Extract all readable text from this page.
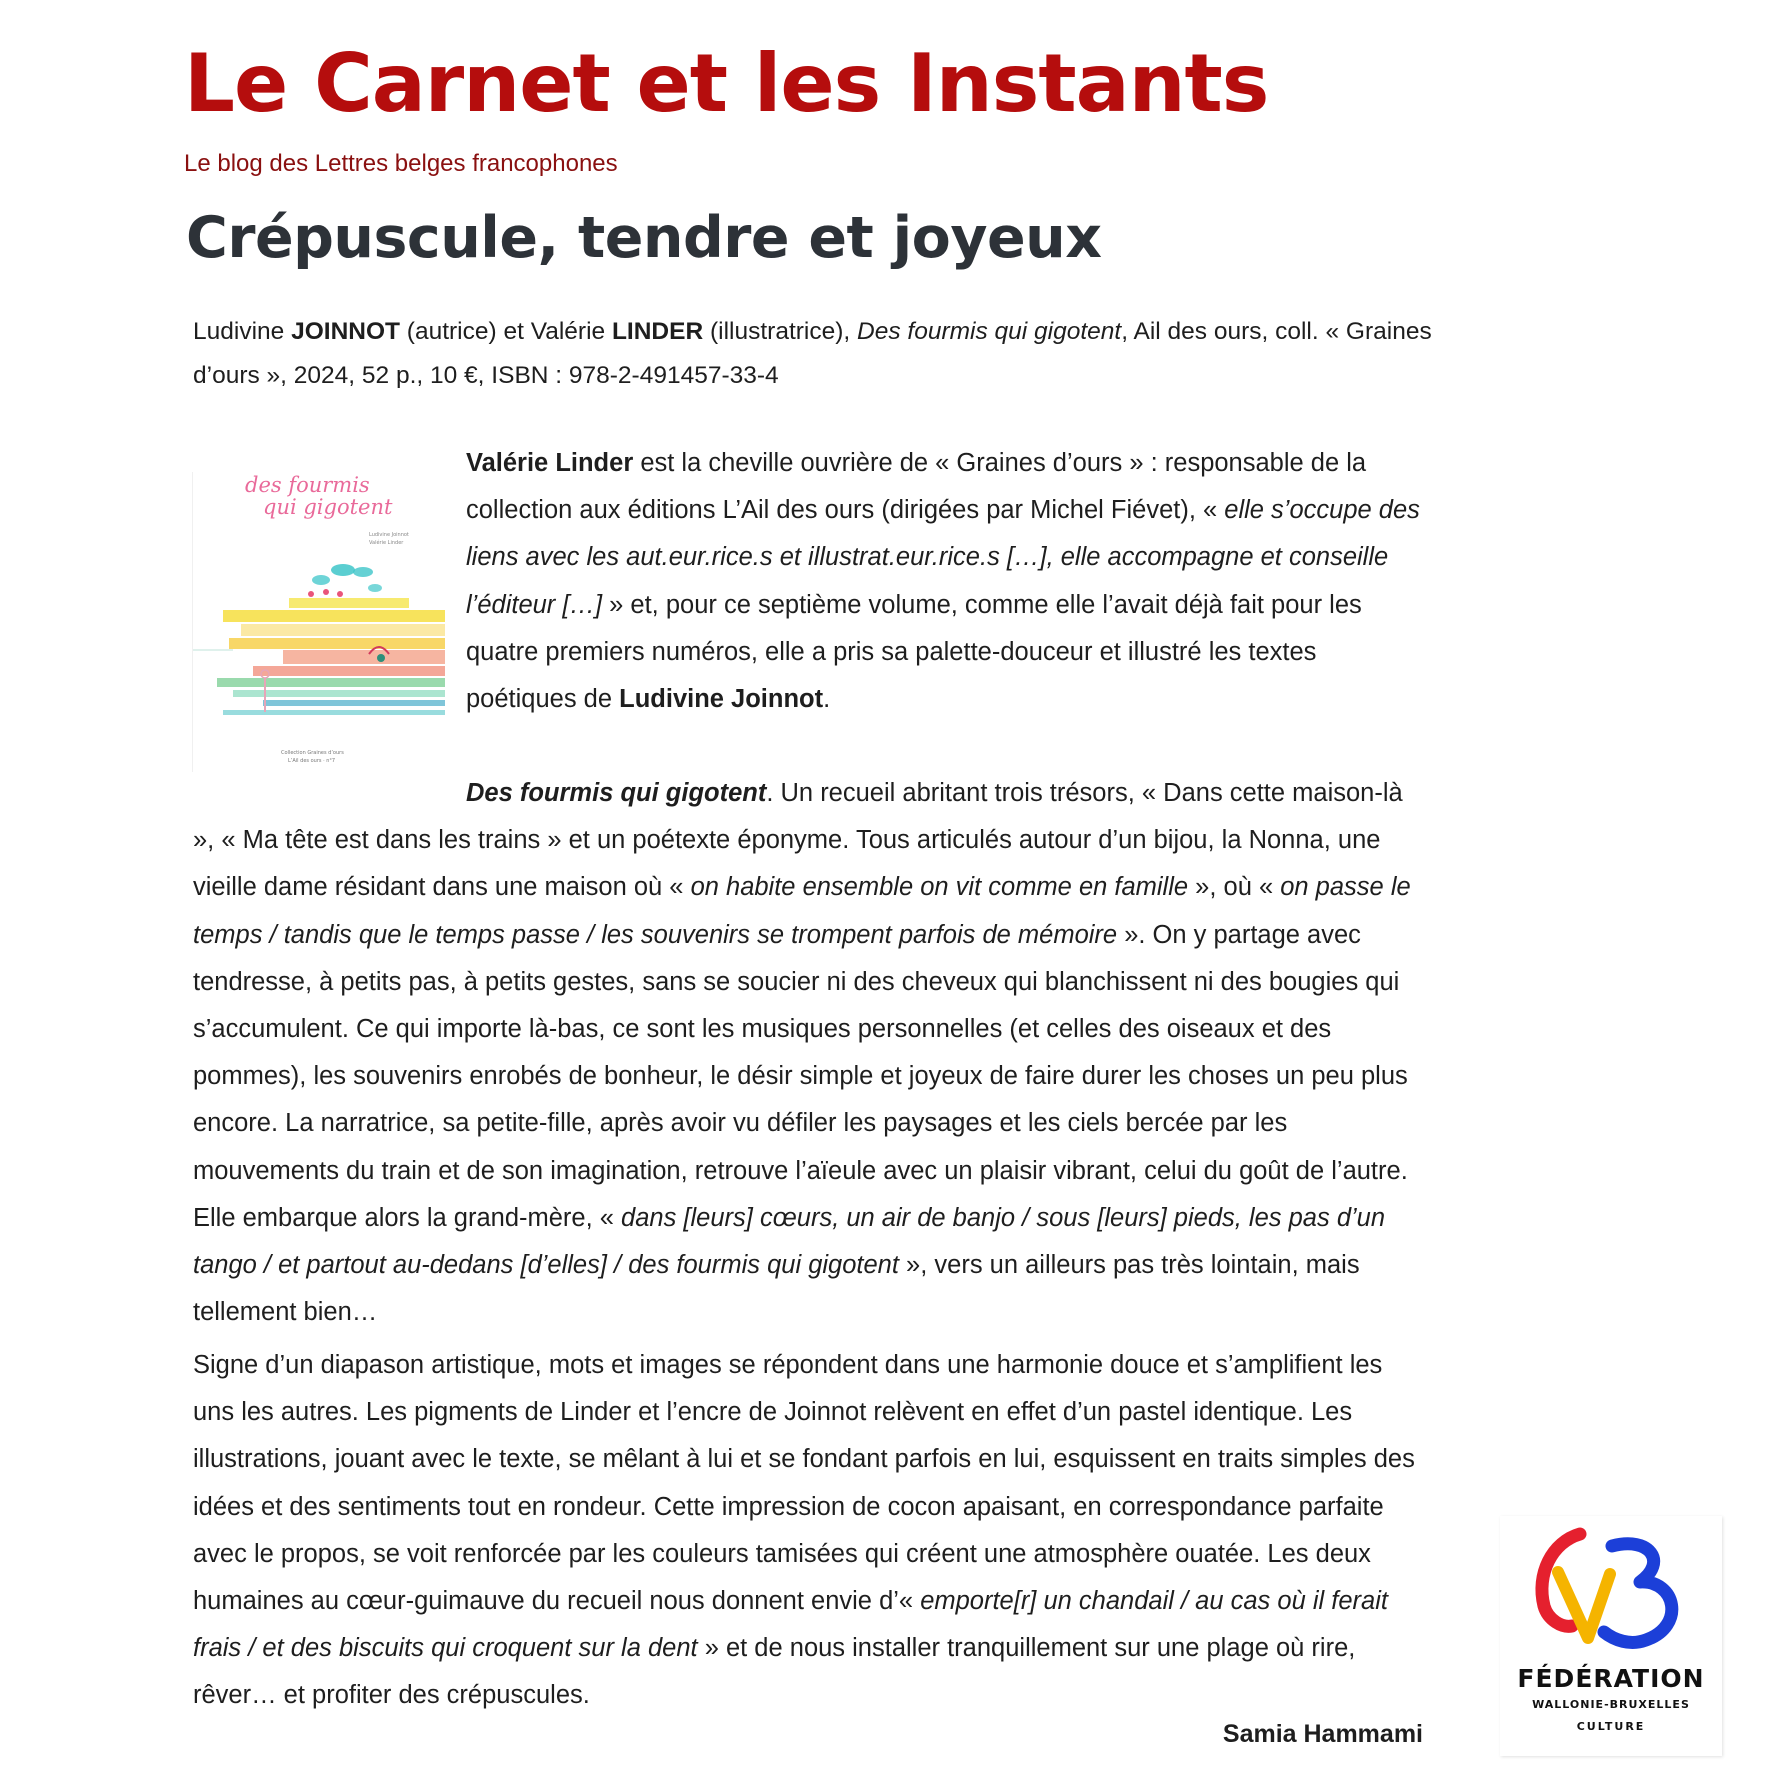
Le Carnet et les Instants
Le blog des Lettres belges francophones
Crépuscule, tendre et joyeux

Ludivine JOINNOT (autrice) et Valérie LINDER (illustratrice), Des fourmis qui gigotent, Ail des ours, coll. « Graines d’ours », 2024, 52 p., 10 €, ISBN : 978-2-491457-33-4

des fourmis
qui gigotent
Ludivine Joinnot
Valérie Linder
Collection Graines d’ours
L’Ail des ours · n°7

Valérie Linder est la cheville ouvrière de « Graines d’ours » : responsable de la collection aux éditions L’Ail des ours (dirigées par Michel Fiévet), « elle s’occupe des liens avec les aut.eur.rice.s et illustrat.eur.rice.s […], elle accompagne et conseille l’éditeur […] » et, pour ce septième volume, comme elle l’avait déjà fait pour les quatre premiers numéros, elle a pris sa palette-douceur et illustré les textes poétiques de Ludivine Joinnot.

Des fourmis qui gigotent. Un recueil abritant trois trésors, « Dans cette maison-là », « Ma tête est dans les trains » et un poétexte éponyme. Tous articulés autour d’un bijou, la Nonna, une vieille dame résidant dans une maison où « on habite ensemble on vit comme en famille », où « on passe le temps / tandis que le temps passe / les souvenirs se trompent parfois de mémoire ». On y partage avec tendresse, à petits pas, à petits gestes, sans se soucier ni des cheveux qui blanchissent ni des bougies qui s’accumulent. Ce qui importe là-bas, ce sont les musiques personnelles (et celles des oiseaux et des pommes), les souvenirs enrobés de bonheur, le désir simple et joyeux de faire durer les choses un peu plus encore. La narratrice, sa petite-fille, après avoir vu défiler les paysages et les ciels bercée par les mouvements du train et de son imagination, retrouve l’aïeule avec un plaisir vibrant, celui du goût de l’autre. Elle embarque alors la grand-mère, « dans [leurs] cœurs, un air de banjo / sous [leurs] pieds, les pas d’un tango / et partout au-dedans [d’elles] / des fourmis qui gigotent », vers un ailleurs pas très lointain, mais tellement bien…

Signe d’un diapason artistique, mots et images se répondent dans une harmonie douce et s’amplifient les uns les autres. Les pigments de Linder et l’encre de Joinnot relèvent en effet d’un pastel identique. Les illustrations, jouant avec le texte, se mêlant à lui et se fondant parfois en lui, esquissent en traits simples des idées et des sentiments tout en rondeur. Cette impression de cocon apaisant, en correspondance parfaite avec le propos, se voit renforcée par les couleurs tamisées qui créent une atmosphère ouatée. Les deux humaines au cœur-guimauve du recueil nous donnent envie d’« emporte[r] un chandail / au cas où il ferait frais / et des biscuits qui croquent sur la dent » et de nous installer tranquillement sur une plage où rire, rêver… et profiter des crépuscules.

Samia Hammami
FÉDÉRATION
WALLONIE-BRUXELLES
CULTURE
